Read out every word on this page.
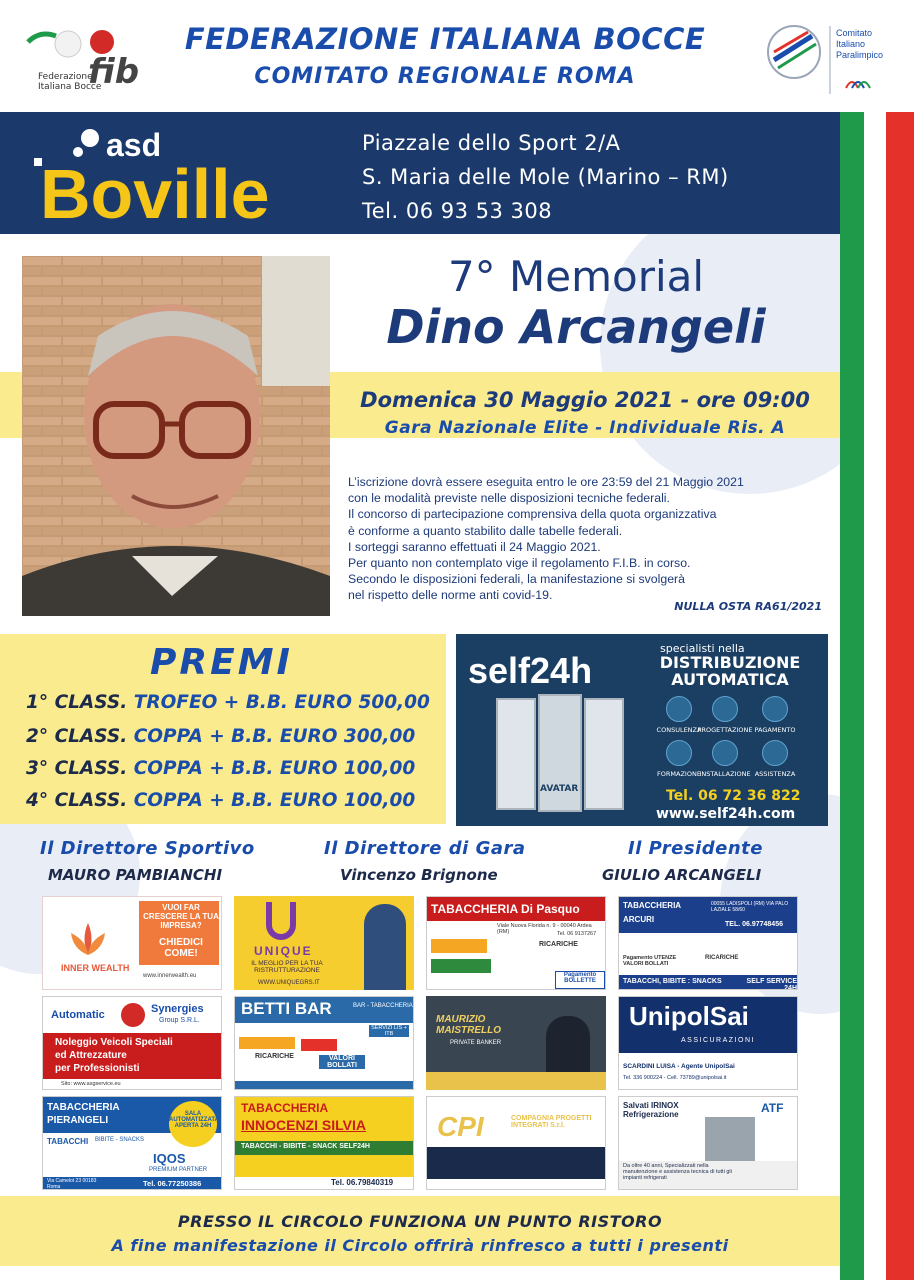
Federazione
Italiana Bocce
fib
FEDERAZIONE ITALIANA BOCCE
COMITATO REGIONALE ROMA
Comitato
Italiano
Paralimpico
asd
Boville
Piazzale dello Sport 2/A
S. Maria delle Mole (Marino – RM)
Tel. 06 93 53 308
7° Memorial
Dino Arcangeli
Domenica 30 Maggio 2021 - ore 09:00
Gara Nazionale Elite - Individuale Ris. A
L’iscrizione dovrà essere eseguita entro le ore 23:59 del 21 Maggio 2021
con le modalità previste nelle disposizioni tecniche federali.
Il concorso di partecipazione comprensiva della quota organizzativa
è conforme a quanto stabilito dalle tabelle federali.
I sorteggi saranno effettuati il 24 Maggio 2021.
Per quanto non contemplato vige il regolamento F.I.B. in corso.
Secondo le disposizioni federali, la manifestazione si svolgerà
nel rispetto delle norme anti covid-19.
NULLA OSTA RA61/2021
PREMI
1° CLASS. TROFEO + B.B. EURO 500,00
2° CLASS. COPPA + B.B. EURO 300,00
3° CLASS. COPPA + B.B. EURO 100,00
4° CLASS. COPPA + B.B. EURO 100,00
self24h
specialisti nella
DISTRIBUZIONE AUTOMATICA
AVATAR
CONSULENZA
PROGETTAZIONE PAGAMENTO
FORMAZIONE
INSTALLAZIONE ASSISTENZA
Tel. 06 72 36 822
www.self24h.com
Il Direttore Sportivo
MAURO PAMBIANCHI
Il Direttore di Gara
Vincenzo Brignone
Il Presidente
GIULIO ARCANGELI
INNER WEALTH
VUOI FAR CRESCERE LA TUA IMPRESA?
CHIEDICI COME!
www.innerwealth.eu
UNIQUE
IL MEGLIO PER LA TUA RISTRUTTURAZIONE
WWW.UNIQUEGRS.IT
TABACCHERIA Di Pasquo
Viale Nuova Florida n. 9 - 00040 Ardea (RM)	Tel. 06 9137267
RICARICHE
Pagamento BOLLETTE
TABACCHERIA ARCURI
00055 LADISPOLI (RM) VIA PALO LAZIALE 58/60
TEL. 06.97748456
Pagamento UTENZE VALORI BOLLATI
RICARICHE
TABACCHI, BIBITE : SNACKS	SELF SERVICE 24H
Automatic	Synergies
Group S.R.L.
Noleggio Veicoli Speciali
ed Attrezzature
per Professionisti
Sito: www.asgservice.eu
BETTI BAR	BAR - TABACCHERIA
SERVIZI LIS + ITB
RICARICHE	VALORI BOLLATI
MAURIZIO MAISTRELLO
PRIVATE BANKER
UnipolSai
ASSICURAZIONI
SCARDINI LUISA - Agente UnipolSai
Tel. 336 900224 - Cell. 73789@unipolsai.it
TABACCHERIA PIERANGELI
SALA AUTOMATIZZATA APERTA 24H
TABACCHI BIBITE - SNACKS
IQOS
PREMIUM PARTNER
Via Camelot 23 00183 Roma	Tel. 06.77250386
TABACCHERIA
INNOCENZI SILVIA
TABACCHI - BIBITE - SNACK SELF24H
Tel. 06.79840319
CPI	COMPAGNIA PROGETTI INTEGRATI S.r.l.
Salvati IRINOX Refrigerazione	ATF
Da oltre 40 anni, Specializzati nella manutenzione e assistenza tecnica di tutti gli impianti refrigerati
PRESSO IL CIRCOLO FUNZIONA UN PUNTO RISTORO
A fine manifestazione il Circolo offrirà rinfresco a tutti i presenti
